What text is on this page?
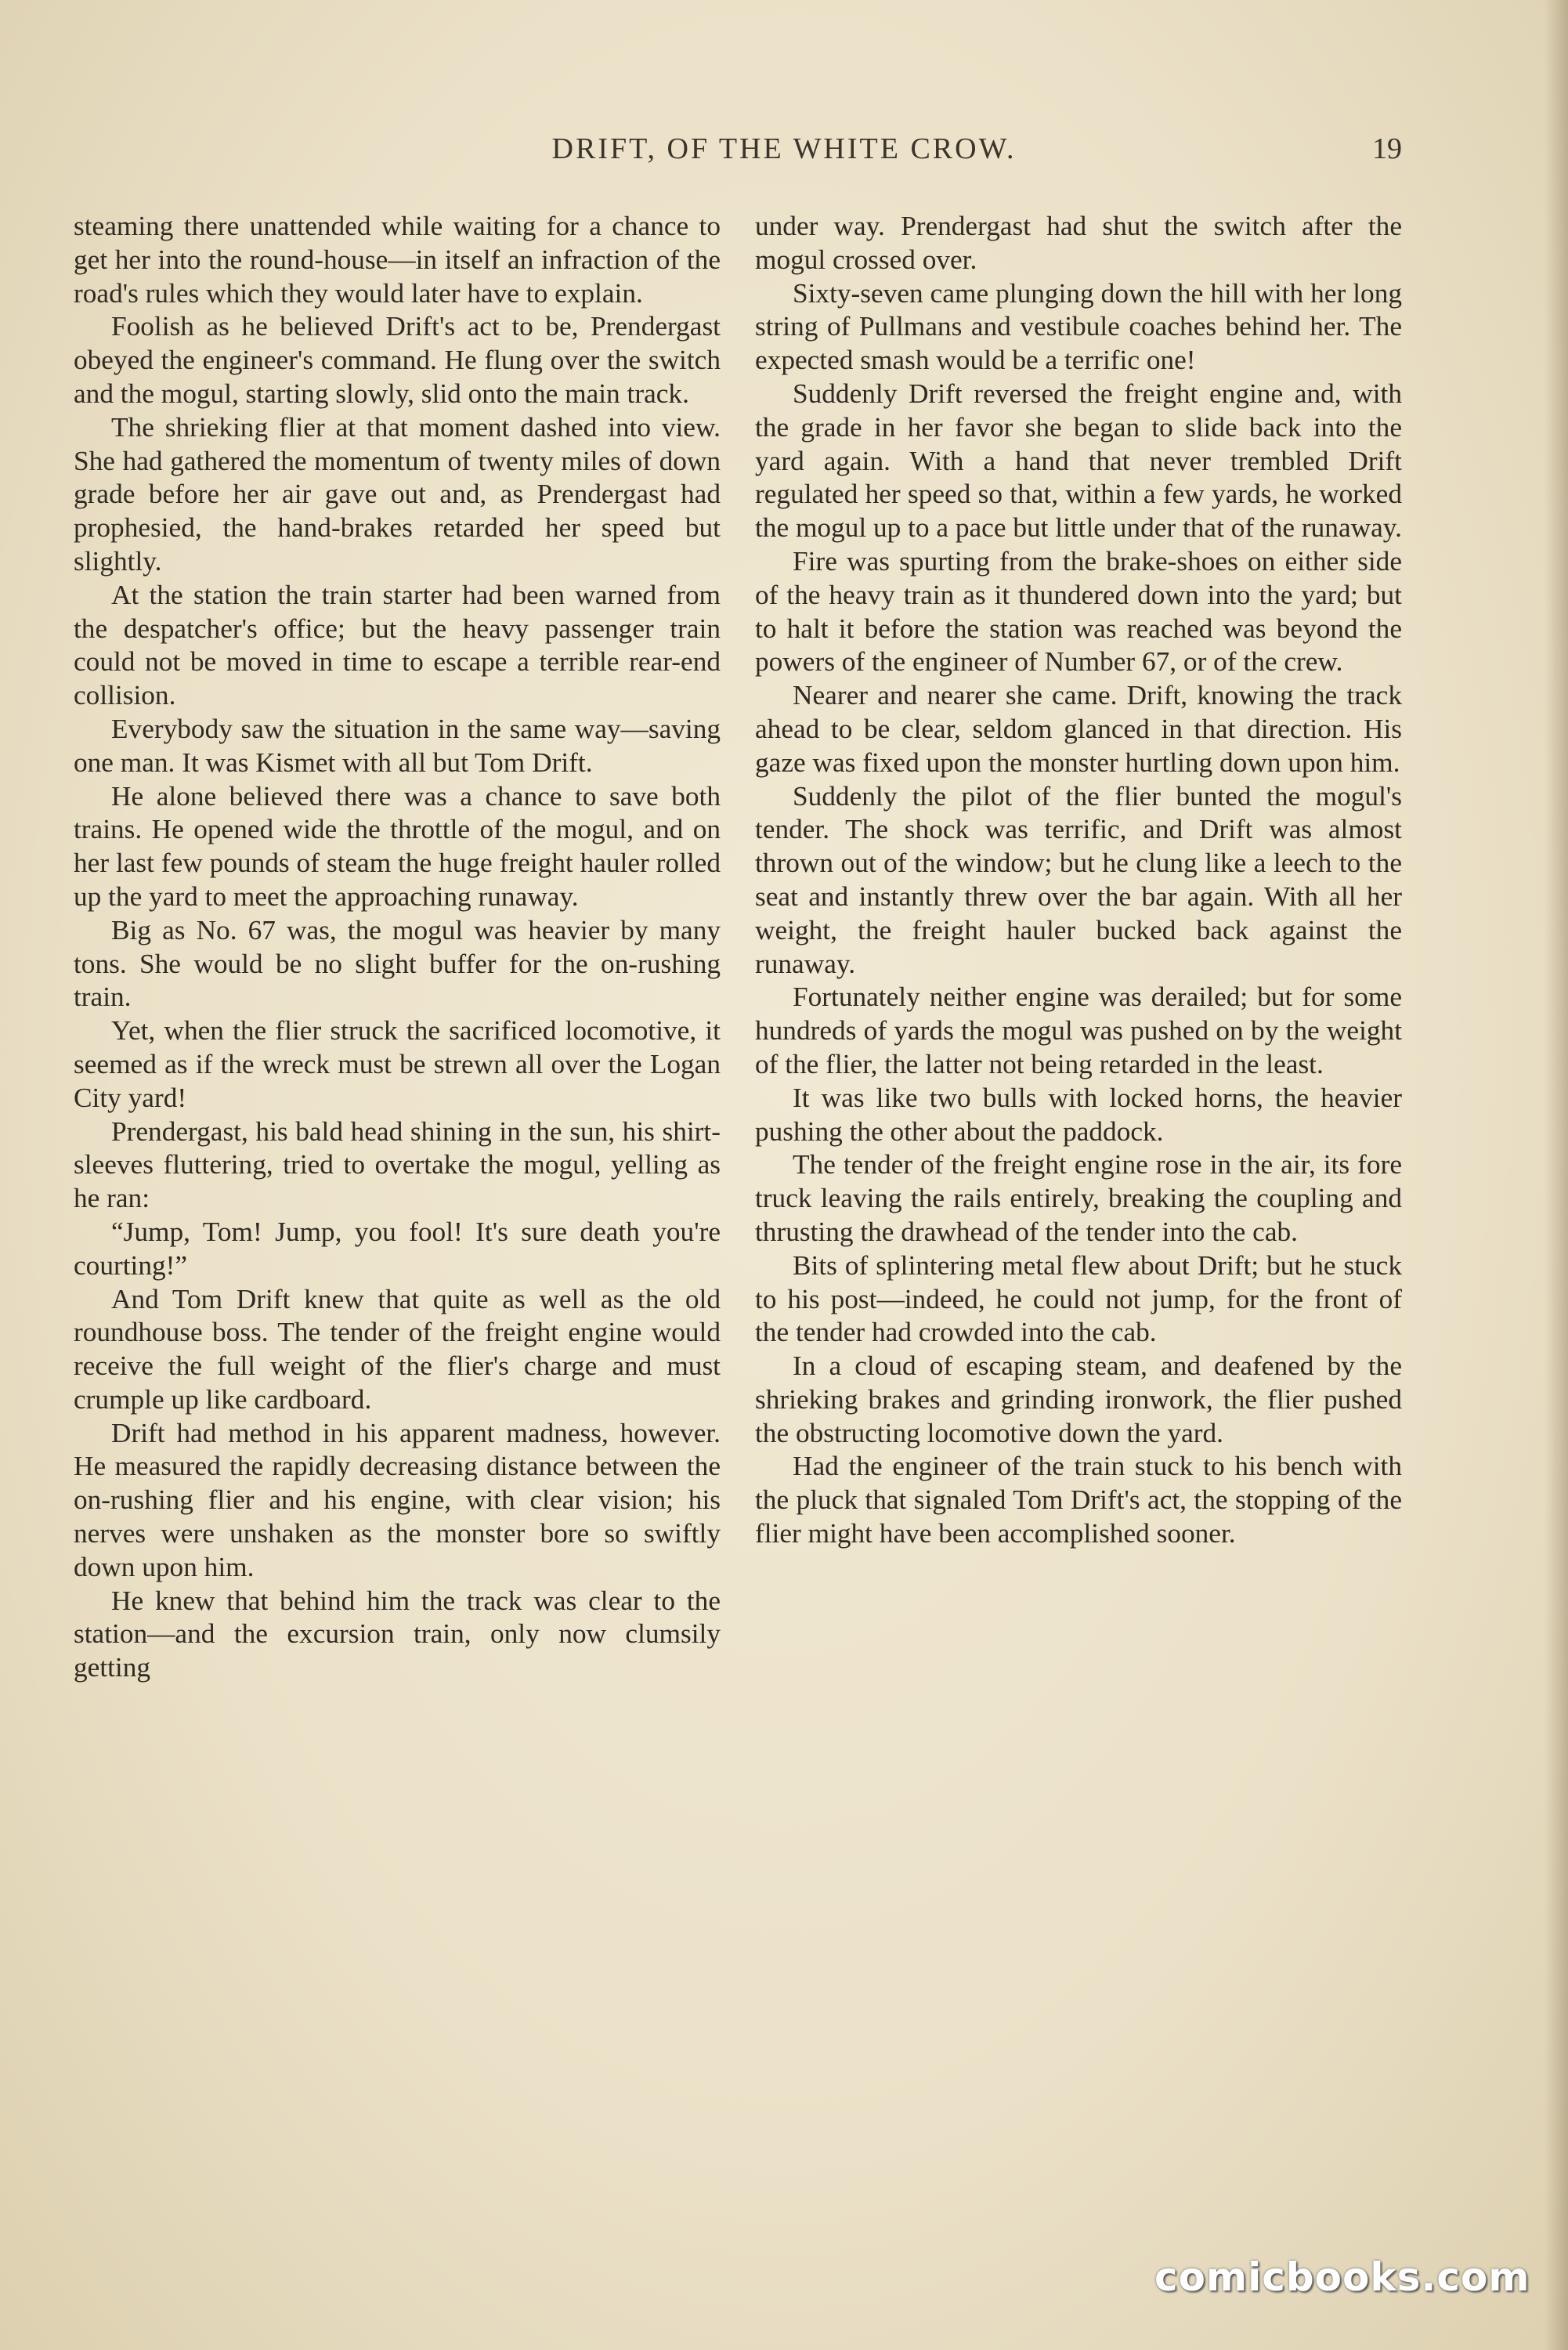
DRIFT, OF THE WHITE CROW.	19

steaming there unattended while waiting for a chance to get her into the round-house—in itself an infraction of the road's rules which they would later have to explain.

Foolish as he believed Drift's act to be, Prendergast obeyed the engineer's command. He flung over the switch and the mogul, starting slowly, slid onto the main track.

The shrieking flier at that moment dashed into view. She had gathered the momentum of twenty miles of down grade before her air gave out and, as Prendergast had prophesied, the hand-brakes retarded her speed but slightly.

At the station the train starter had been warned from the despatcher's office; but the heavy passenger train could not be moved in time to escape a terrible rear-end collision.

Everybody saw the situation in the same way—saving one man. It was Kismet with all but Tom Drift.

He alone believed there was a chance to save both trains. He opened wide the throttle of the mogul, and on her last few pounds of steam the huge freight hauler rolled up the yard to meet the approaching runaway.

Big as No. 67 was, the mogul was heavier by many tons. She would be no slight buffer for the on-rushing train.

Yet, when the flier struck the sacrificed locomotive, it seemed as if the wreck must be strewn all over the Logan City yard!

Prendergast, his bald head shining in the sun, his shirt-sleeves fluttering, tried to overtake the mogul, yelling as he ran:

“Jump, Tom! Jump, you fool! It's sure death you're courting!”

And Tom Drift knew that quite as well as the old roundhouse boss. The tender of the freight engine would receive the full weight of the flier's charge and must crumple up like cardboard.

Drift had method in his apparent madness, however. He measured the rapidly decreasing distance between the on-rushing flier and his engine, with clear vision; his nerves were unshaken as the monster bore so swiftly down upon him.

He knew that behind him the track was clear to the station—and the excursion train, only now clumsily getting

under way. Prendergast had shut the switch after the mogul crossed over.

Sixty-seven came plunging down the hill with her long string of Pullmans and vestibule coaches behind her. The expected smash would be a terrific one!

Suddenly Drift reversed the freight engine and, with the grade in her favor she began to slide back into the yard again. With a hand that never trembled Drift regulated her speed so that, within a few yards, he worked the mogul up to a pace but little under that of the runaway.

Fire was spurting from the brake-shoes on either side of the heavy train as it thundered down into the yard; but to halt it before the station was reached was beyond the powers of the engineer of Number 67, or of the crew.

Nearer and nearer she came. Drift, knowing the track ahead to be clear, seldom glanced in that direction. His gaze was fixed upon the monster hurtling down upon him.

Suddenly the pilot of the flier bunted the mogul's tender. The shock was terrific, and Drift was almost thrown out of the window; but he clung like a leech to the seat and instantly threw over the bar again. With all her weight, the freight hauler bucked back against the runaway.

Fortunately neither engine was derailed; but for some hundreds of yards the mogul was pushed on by the weight of the flier, the latter not being retarded in the least.

It was like two bulls with locked horns, the heavier pushing the other about the paddock.

The tender of the freight engine rose in the air, its fore truck leaving the rails entirely, breaking the coupling and thrusting the drawhead of the tender into the cab.

Bits of splintering metal flew about Drift; but he stuck to his post—indeed, he could not jump, for the front of the tender had crowded into the cab.

In a cloud of escaping steam, and deafened by the shrieking brakes and grinding ironwork, the flier pushed the obstructing locomotive down the yard.

Had the engineer of the train stuck to his bench with the pluck that signaled Tom Drift's act, the stopping of the flier might have been accomplished sooner.

comicbooks.com
